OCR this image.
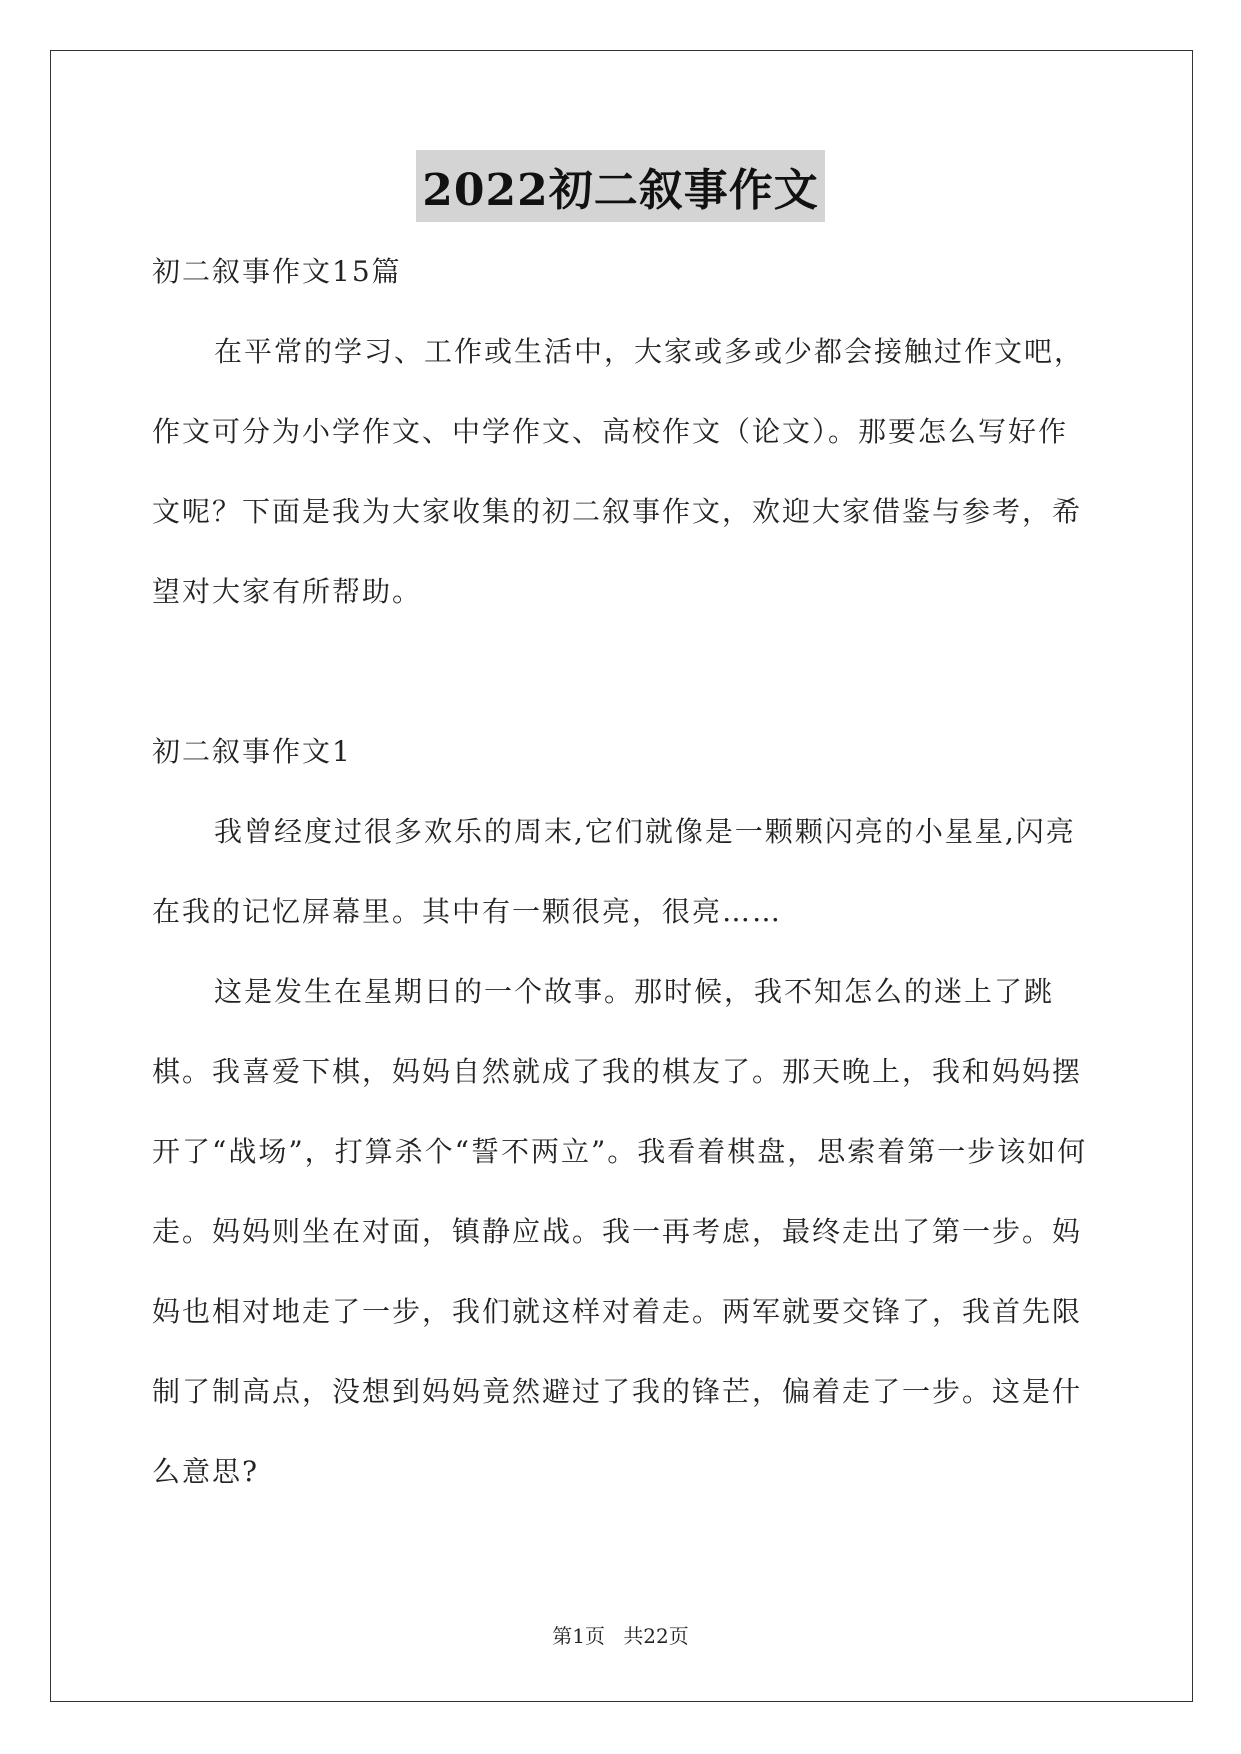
2022初二叙事作文

初二叙事作文15篇

在平常的学习、工作或生活中，大家或多或少都会接触过作文吧，作文可分为小学作文、中学作文、高校作文（论文）。那要怎么写好作文呢？下面是我为大家收集的初二叙事作文，欢迎大家借鉴与参考，希望对大家有所帮助。

初二叙事作文1

我曾经度过很多欢乐的周末,它们就像是一颗颗闪亮的小星星,闪亮在我的记忆屏幕里。其中有一颗很亮，很亮……

这是发生在星期日的一个故事。那时候，我不知怎么的迷上了跳棋。我喜爱下棋，妈妈自然就成了我的棋友了。那天晚上，我和妈妈摆开了“战场”，打算杀个“誓不两立”。我看着棋盘，思索着第一步该如何走。妈妈则坐在对面，镇静应战。我一再考虑，最终走出了第一步。妈妈也相对地走了一步，我们就这样对着走。两军就要交锋了，我首先限制了制高点，没想到妈妈竟然避过了我的锋芒，偏着走了一步。这是什么意思?

第1页 共22页
